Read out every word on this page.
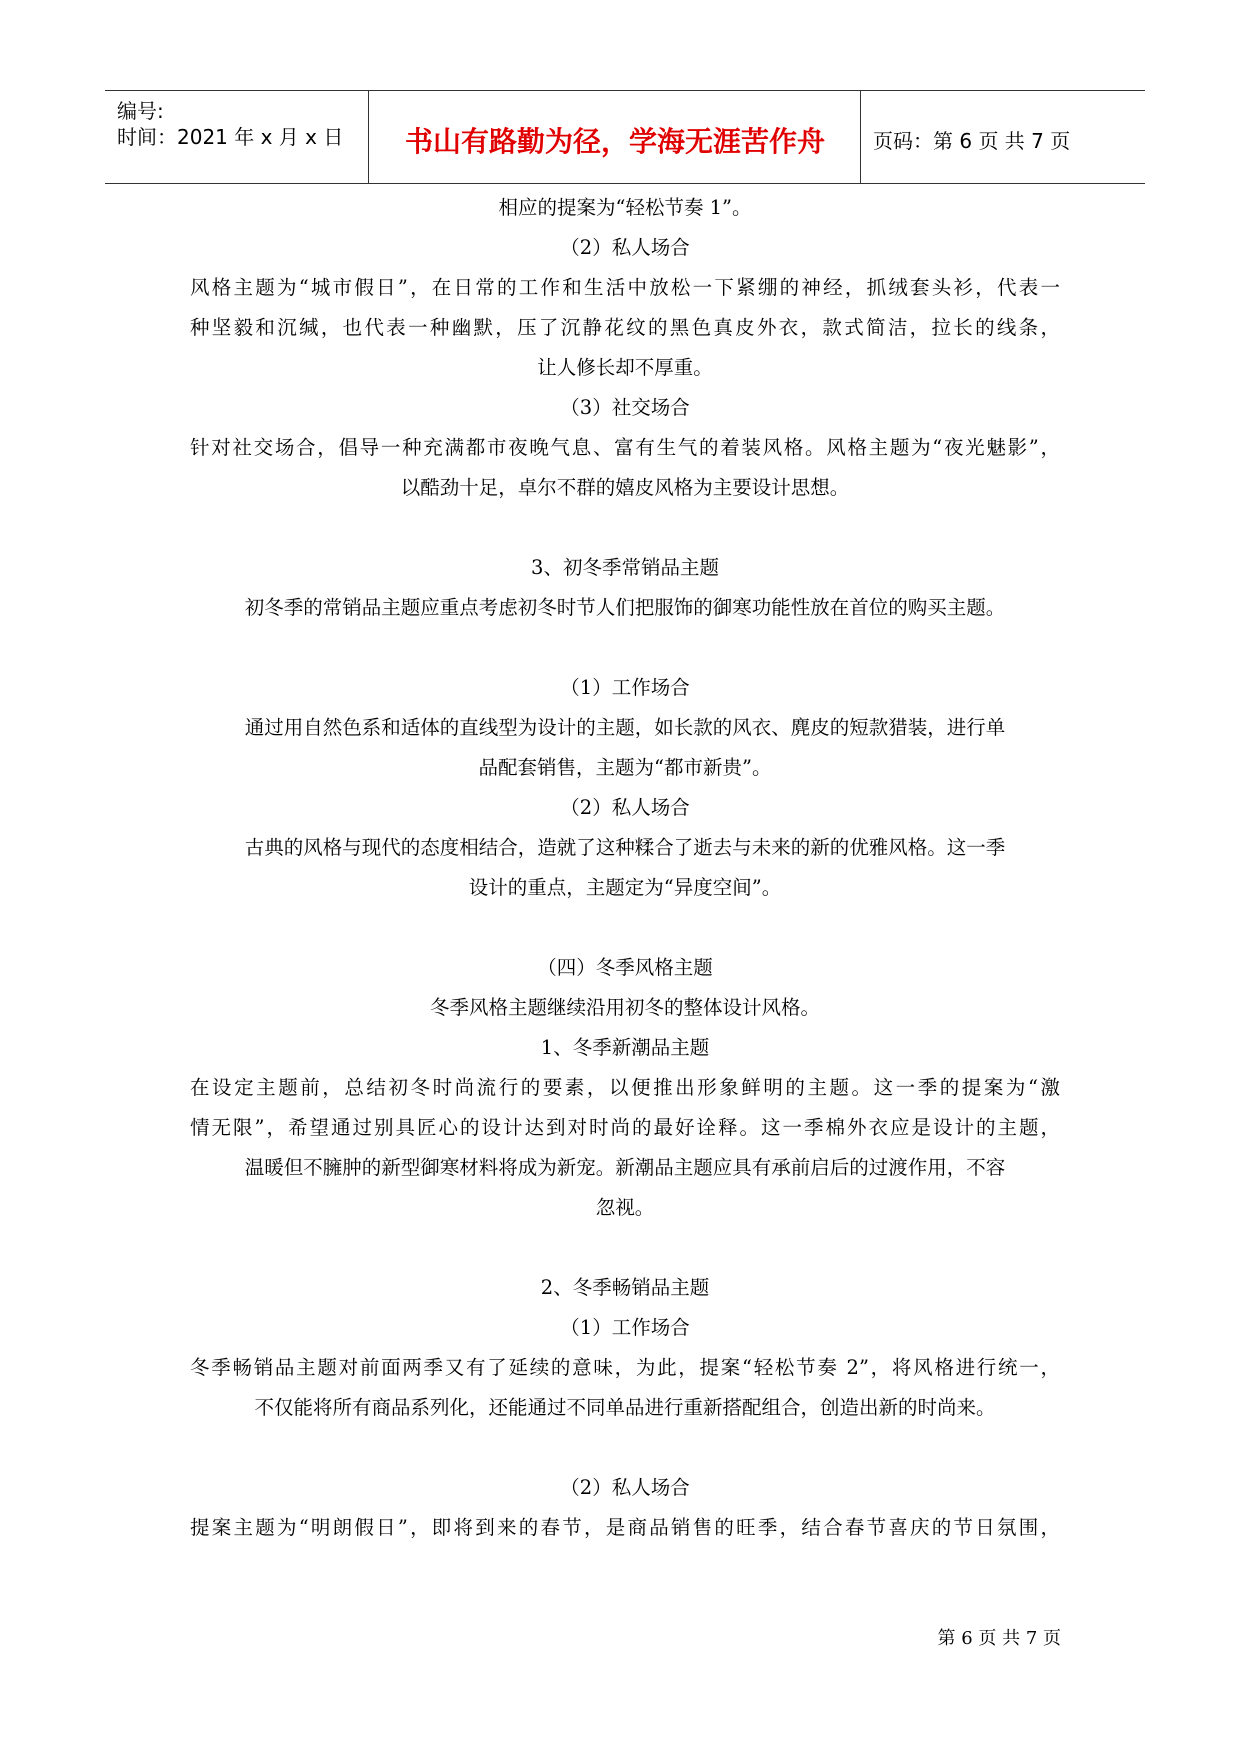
编号:
时间：2021 年 x 月 x 日	书山有路勤为径，学海无涯苦作舟	页码：第 6 页 共 7 页
相应的提案为“轻松节奏 1”。
（2）私人场合
风格主题为“城市假日”，在日常的工作和生活中放松一下紧绷的神经，抓绒套头衫，代表一
种坚毅和沉缄，也代表一种幽默，压了沉静花纹的黑色真皮外衣，款式简洁，拉长的线条，
让人修长却不厚重。
（3）社交场合
针对社交场合，倡导一种充满都市夜晚气息、富有生气的着装风格。风格主题为“夜光魅影”，
以酷劲十足，卓尔不群的嬉皮风格为主要设计思想。
3、初冬季常销品主题
初冬季的常销品主题应重点考虑初冬时节人们把服饰的御寒功能性放在首位的购买主题。
（1）工作场合
通过用自然色系和适体的直线型为设计的主题，如长款的风衣、麂皮的短款猎装，进行单
品配套销售，主题为“都市新贵”。
（2）私人场合
古典的风格与现代的态度相结合，造就了这种糅合了逝去与未来的新的优雅风格。这一季
设计的重点，主题定为“异度空间”。
（四）冬季风格主题
冬季风格主题继续沿用初冬的整体设计风格。
1、冬季新潮品主题
在设定主题前，总结初冬时尚流行的要素，以便推出形象鲜明的主题。这一季的提案为“激
情无限”，希望通过别具匠心的设计达到对时尚的最好诠释。这一季棉外衣应是设计的主题，
温暖但不臃肿的新型御寒材料将成为新宠。新潮品主题应具有承前启后的过渡作用，不容
忽视。
2、冬季畅销品主题
（1）工作场合
冬季畅销品主题对前面两季又有了延续的意味，为此，提案“轻松节奏 2”，将风格进行统一，
不仅能将所有商品系列化，还能通过不同单品进行重新搭配组合，创造出新的时尚来。
（2）私人场合
提案主题为“明朗假日”，即将到来的春节，是商品销售的旺季，结合春节喜庆的节日氛围，
第 6 页 共 7 页
